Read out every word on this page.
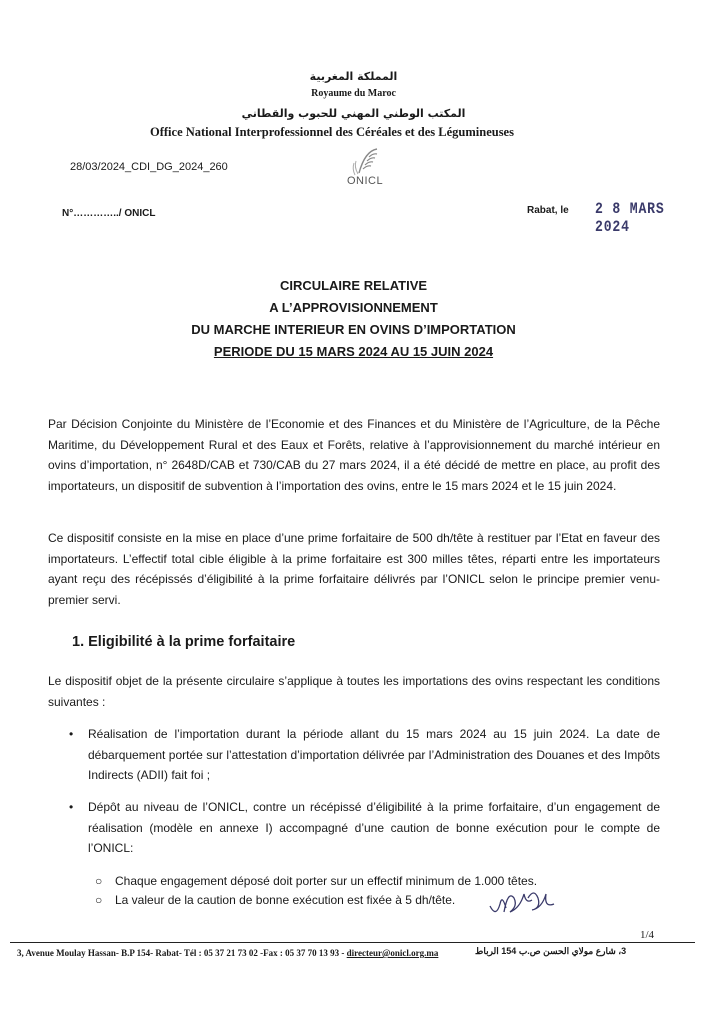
المملكة المغربية
Royaume du Maroc
المكتب الوطني المهني للحبوب والقطاني
Office National Interprofessionnel des Céréales et des Légumineuses
28/03/2024_CDI_DG_2024_260
ONICL
N°…………../ ONICL	Rabat, le 2 8 MARS 2024
CIRCULAIRE RELATIVE
A L’APPROVISIONNEMENT
DU MARCHE INTERIEUR EN OVINS D’IMPORTATION
PERIODE DU 15 MARS 2024 AU 15 JUIN 2024
Par Décision Conjointe du Ministère de l’Economie et des Finances et du Ministère de l’Agriculture, de la Pêche Maritime, du Développement Rural et des Eaux et Forêts, relative à l’approvisionnement du marché intérieur en ovins d’importation, n° 2648D/CAB et 730/CAB du 27 mars 2024, il a été décidé de mettre en place, au profit des importateurs, un dispositif de subvention à l’importation des ovins, entre le 15 mars 2024 et le 15 juin 2024.
Ce dispositif consiste en la mise en place d’une prime forfaitaire de 500 dh/tête à restituer par l’Etat en faveur des importateurs. L’effectif total cible éligible à la prime forfaitaire est 300 milles têtes, réparti entre les importateurs ayant reçu des récépissés d’éligibilité à la prime forfaitaire délivrés par l’ONICL selon le principe premier venu-premier servi.
1. Eligibilité à la prime forfaitaire
Le dispositif objet de la présente circulaire s’applique à toutes les importations des ovins respectant les conditions suivantes :
• Réalisation de l’importation durant la période allant du 15 mars 2024 au 15 juin 2024. La date de débarquement portée sur l’attestation d’importation délivrée par l’Administration des Douanes et des Impôts Indirects (ADII) fait foi ;
• Dépôt au niveau de l’ONICL, contre un récépissé d’éligibilité à la prime forfaitaire, d’un engagement de réalisation (modèle en annexe I) accompagné d’une caution de bonne exécution pour le compte de l’ONICL:
○ Chaque engagement déposé doit porter sur un effectif minimum de 1.000 têtes.
○ La valeur de la caution de bonne exécution est fixée à 5 dh/tête.
1/4
3, Avenue Moulay Hassan- B.P 154- Rabat- Tél : 05 37 21 73 02 -Fax : 05 37 70 13 93 - directeur@onicl.org.ma	3، شارع مولاي الحسن ص.ب 154 الرباط
